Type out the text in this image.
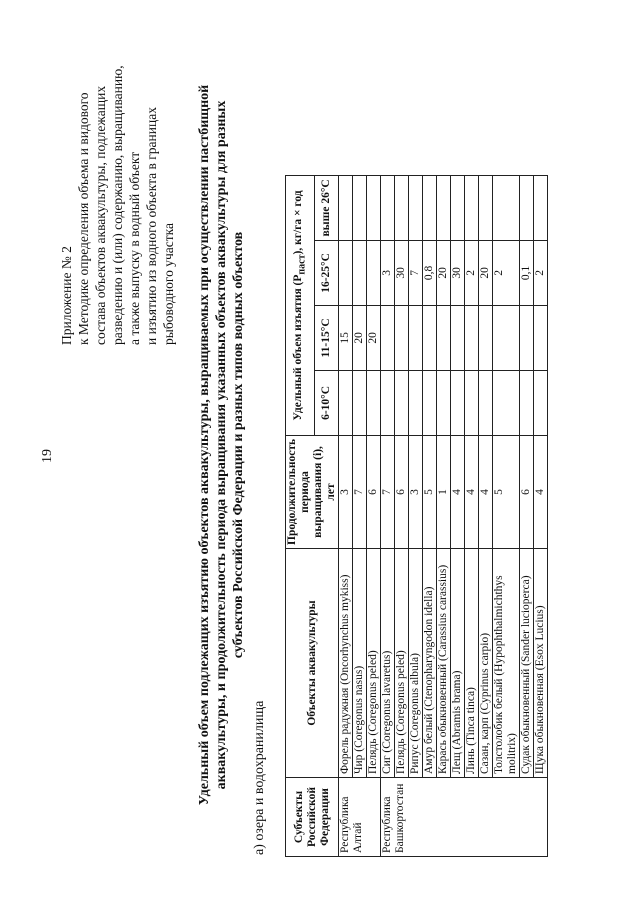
19
Приложение № 2 к Методике определения объема и видового состава объектов аквакультуры, подлежащих разведению и (или) содержанию, выращиванию, а также выпуску в водный объект и изъятию из водного объекта в границах рыбоводного участка Удельный объем подлежащих изъятию объектов аквакультуры, выращиваемых при осуществлении пастбищной аквакультуры, и продолжительность периода выращивания указанных объектов аквакультуры для разных субъектов Российской Федерации и разных типов водных объектов
а) озера и водохранилища Субъекты Российской Федерации	Объекты аквакультуры	Продолжительность периода выращивания (i), лет	Удельный объем изъятия $(P_{паст})$, кг/га × год			
			6-10°С	11-15°С	16-25°С	выше 26°С
Республика Алтай	Форель радужная (Oncorhynchus mykiss)	3		15		
	Чир (Coregonus nasus)	7		20		
	Пелядь (Coregonus peled)	6		20		
Республика Башкортостан	Сиг (Coregonus lavaretus)	7			3	
	Пелядь (Coregonus peled)	6			30	
	Рипус (Coregonus albula)	3			7	
	Амур белый (Ctenopharyngodon idella)	5			0,8	
	Карась обыкновенный (Carassius carassius)	1			20	
	Лещ (Abramis brama)	4			30	
	Линь (Tinca tinca)	4			2	
	Сазан, карп (Cyprinus carpio)	4			20	
	Толстолобик белый (Hypophthalmichthys molitrix)	5			2	
	Судак обыкновенный (Sander lucioperca)	6			0,1	
	Щука обыкновенная (Esox Lucius)	4			2	
